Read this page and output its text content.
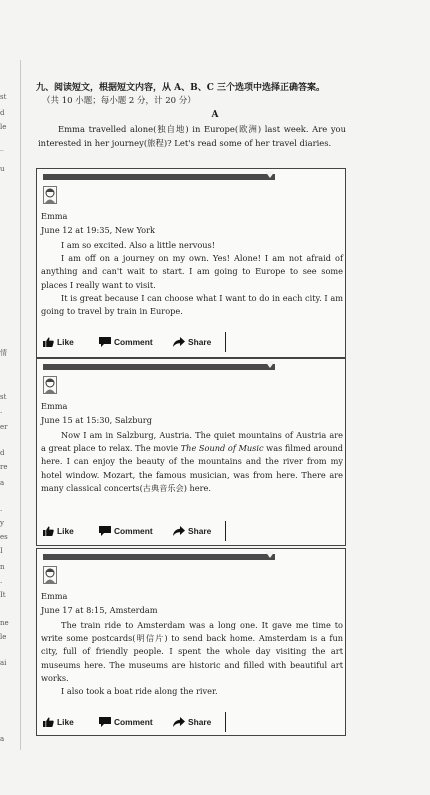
st
d
le
_
u
情
st
.
er
d
re
a
.
y
es
I
n
.
It
ne
le
ai
a
九、阅读短文，根据短文内容，从 A、B、C 三个选项中选择正确答案。
（共 10 小题；每小题 2 分，计 20 分）
A

Emma travelled alone(独自地) in Europe(欧洲) last week. Are you interested in her journey(旅程)? Let's read some of her travel diaries.

Emma
June 12 at 19:35, New York

I am so excited. Also a little nervous!

I am off on a journey on my own. Yes! Alone! I am not afraid of anything and can't wait to start. I am going to Europe to see some places I really want to visit.

It is great because I can choose what I want to do in each city. I am going to travel by train in Europe.

Like	Comment	Share
Emma
June 15 at 15:30, Salzburg

Now I am in Salzburg, Austria. The quiet mountains of Austria are a great place to relax. The movie The Sound of Music was filmed around here. I can enjoy the beauty of the mountains and the river from my hotel window. Mozart, the famous musician, was from here. There are many classical concerts(古典音乐会) here.

Like	Comment	Share
Emma
June 17 at 8:15, Amsterdam

The train ride to Amsterdam was a long one. It gave me time to write some postcards(明信片) to send back home. Amsterdam is a fun city, full of friendly people. I spent the whole day visiting the art museums here. The museums are historic and filled with beautiful art works.

I also took a boat ride along the river.

Like	Comment	Share
